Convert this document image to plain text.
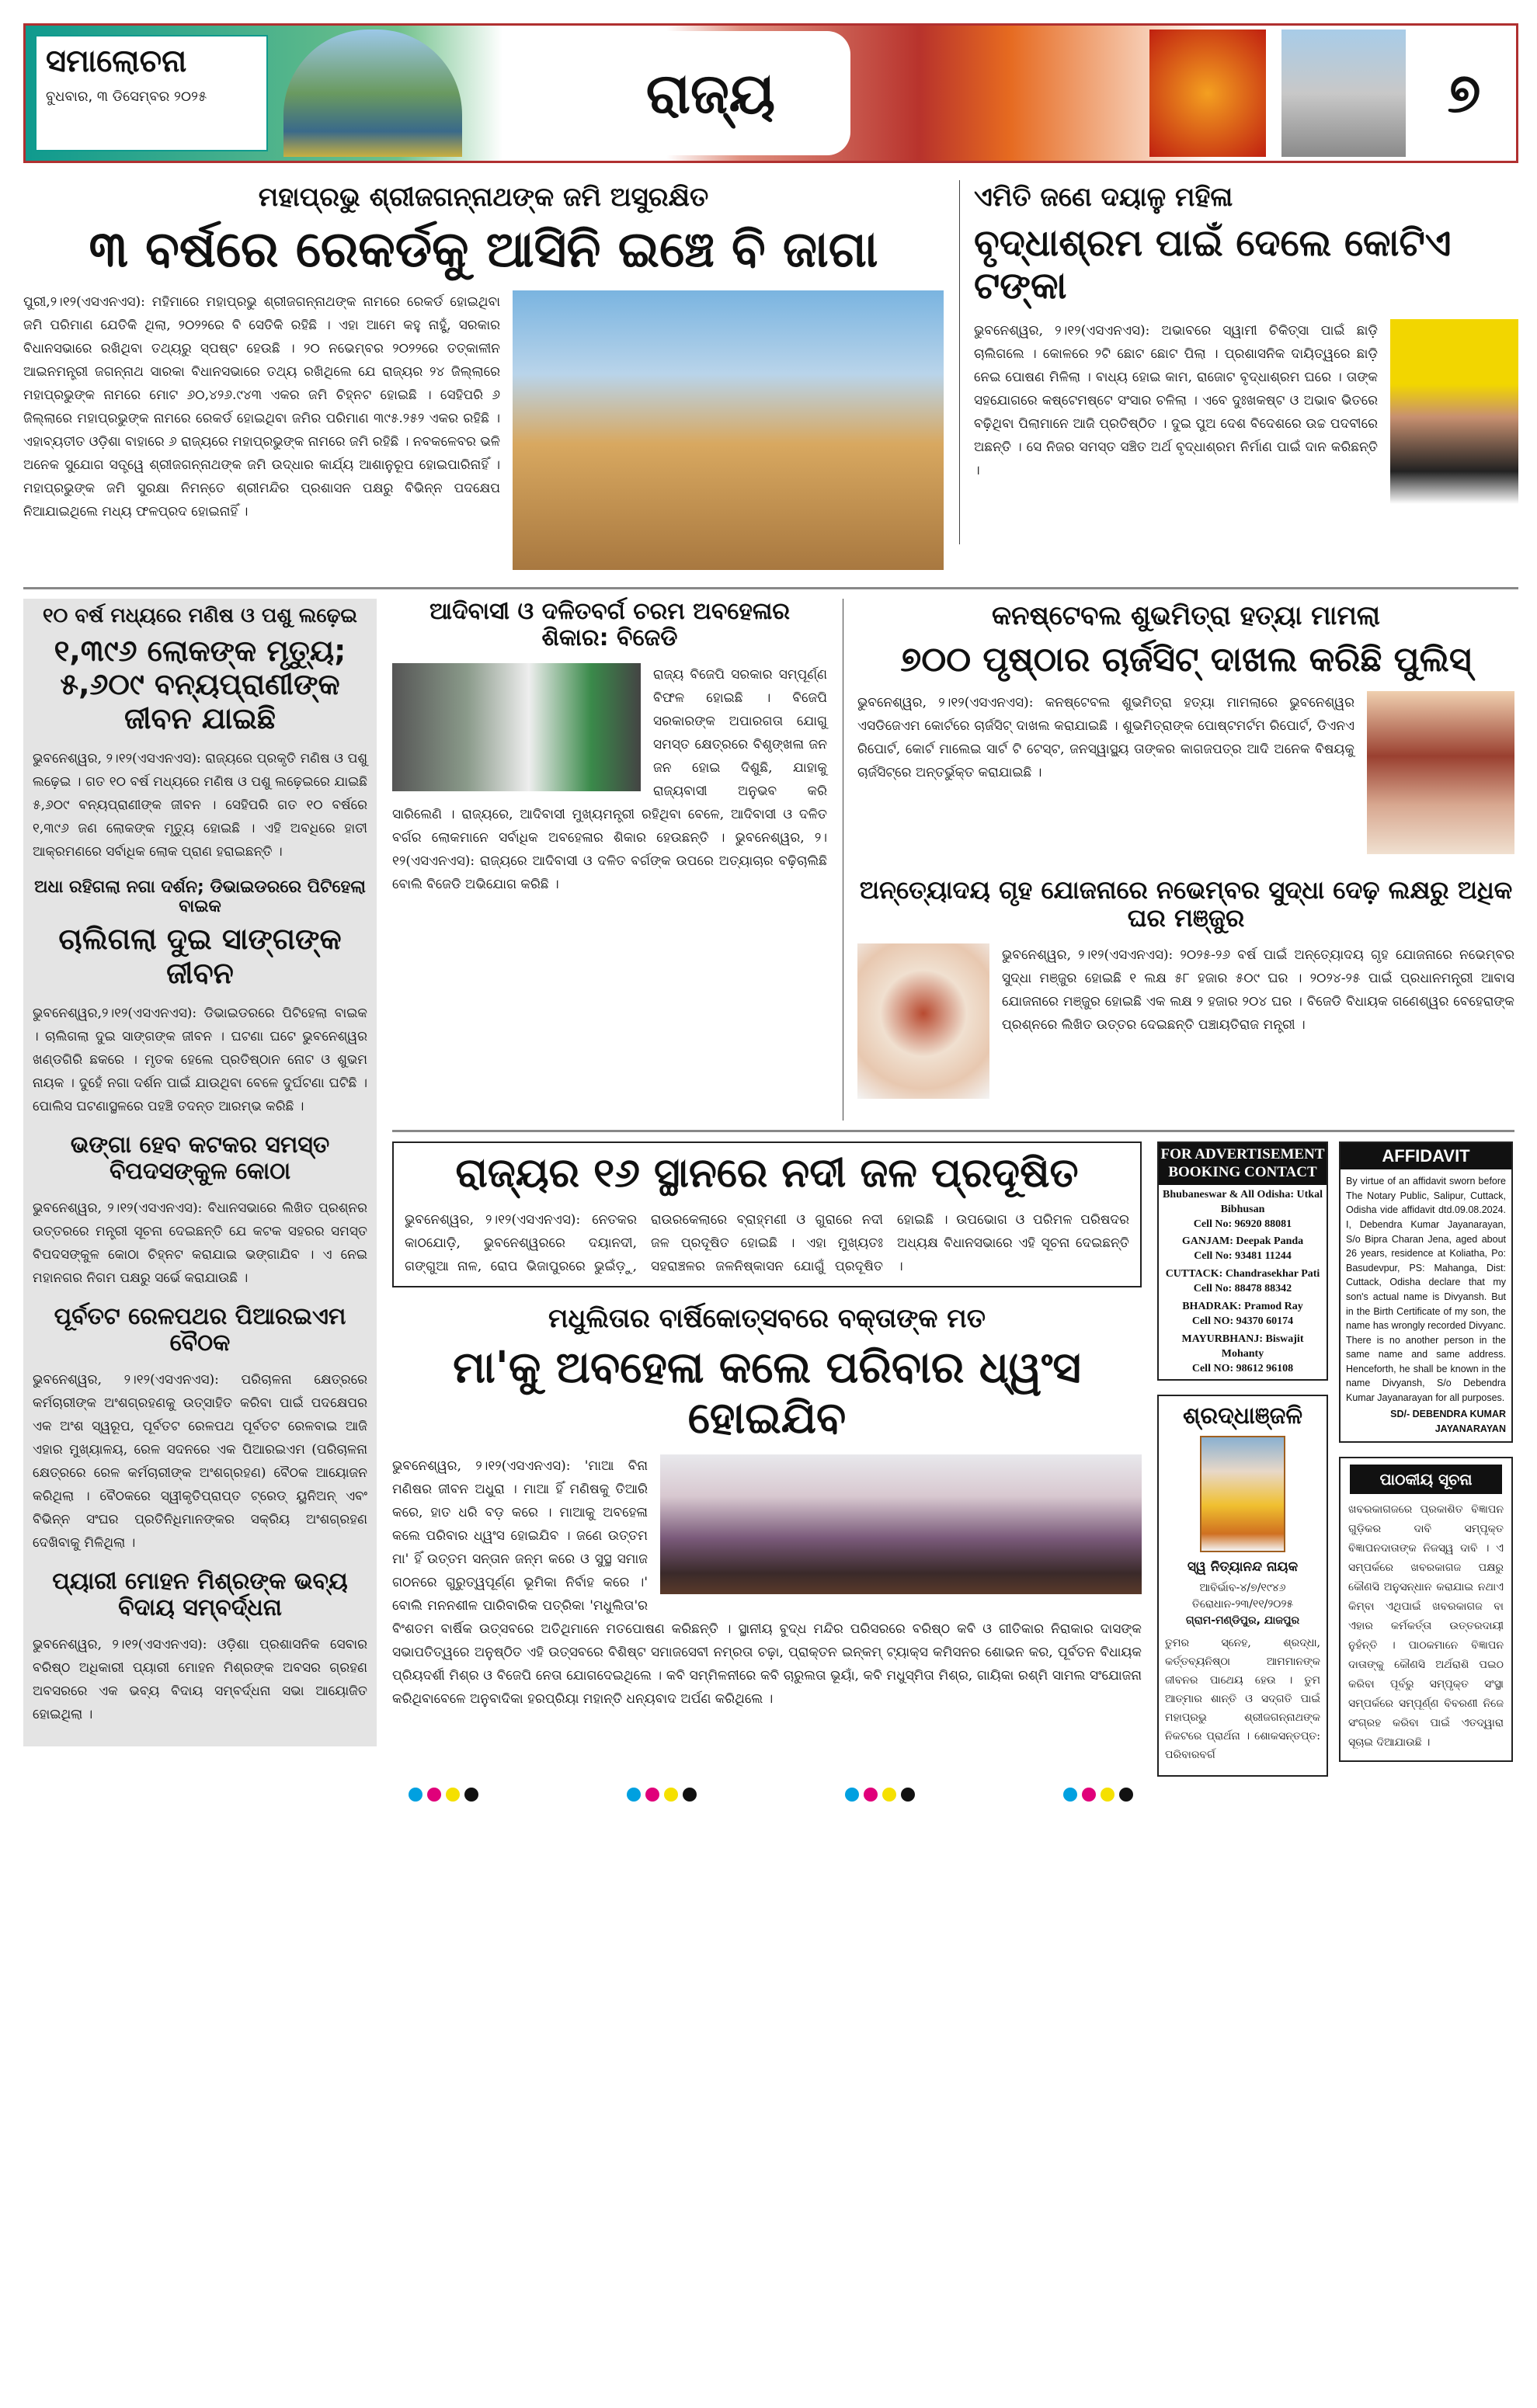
ସମାଲୋଚନା
ବୁଧବାର, ୩ ଡିସେମ୍ବର ୨୦୨୫	ରାଜ୍ୟ	୭
ମହାପ୍ରଭୁ ଶ୍ରୀଜଗନ୍ନାଥଙ୍କ ଜମି ଅସୁରକ୍ଷିତ
୩ ବର୍ଷରେ ରେକର୍ଡକୁ ଆସିନି ଇଞ୍ଚେ ବି ଜାଗା
ପୁରୀ,୨।୧୨(ଏସଏନଏସ): ମହିମାରେ ମହାପ୍ରଭୁ ଶ୍ରୀଜଗନ୍ନାଥଙ୍କ ନାମରେ ରେକର୍ଡ ହୋଇଥିବା ଜମି ପରିମାଣ ଯେତିକି ଥିଲା, ୨୦୨୨ରେ ବି ସେତିକି ରହିଛି । ଏହା ଆମେ କହୁ ନାହୁଁ, ସରକାର ବିଧାନସଭାରେ ରଖିଥିବା ତଥ୍ୟରୁ ସ୍ପଷ୍ଟ ହେଉଛି । ୨୦ ନଭେମ୍ବର ୨୦୨୨ରେ ତତ୍କାଳୀନ ଆଇନମନ୍ତ୍ରୀ ଜଗନ୍ନାଥ ସାରକା ବିଧାନସଭାରେ ତଥ୍ୟ ରଖିଥିଲେ ଯେ ରାଜ୍ୟର ୨୪ ଜିଲ୍ଲାରେ ମହାପ୍ରଭୁଙ୍କ ନାମରେ ମୋଟ ୬୦,୪୨୬.୯୪୩ ଏକର ଜମି ଚିହ୍ନଟ ହୋଇଛି । ସେହିପରି ୬ ଜିଲ୍ଲାରେ ମହାପ୍ରଭୁଙ୍କ ନାମରେ ରେକର୍ଡ ହୋଇଥିବା ଜମିର ପରିମାଣ ୩୯୫.୨୫୨ ଏକର ରହିଛି । ଏହାବ୍ୟତୀତ ଓଡ଼ିଶା ବାହାରେ ୬ ରାଜ୍ୟରେ ମହାପ୍ରଭୁଙ୍କ ନାମରେ ଜମି ରହିଛି । ନବକଳେବର ଭଳି ଅନେକ ସୁଯୋଗ ସତ୍ତ୍ୱେ ଶ୍ରୀଜଗନ୍ନାଥଙ୍କ ଜମି ଉଦ୍ଧାର କାର୍ଯ୍ୟ ଆଶାନୁରୂପ ହୋଇପାରିନାହିଁ । ମହାପ୍ରଭୁଙ୍କ ଜମି ସୁରକ୍ଷା ନିମନ୍ତେ ଶ୍ରୀମନ୍ଦିର ପ୍ରଶାସନ ପକ୍ଷରୁ ବିଭିନ୍ନ ପଦକ୍ଷେପ ନିଆଯାଇଥିଲେ ମଧ୍ୟ ଫଳପ୍ରଦ ହୋଇନାହିଁ ।
ଏମିତି ଜଣେ ଦୟାଳୁ ମହିଳା
ବୃଦ୍ଧାଶ୍ରମ ପାଇଁ ଦେଲେ କୋଟିଏ ଟଙ୍କା
ଭୁବନେଶ୍ୱର, ୨।୧୨(ଏସଏନଏସ): ଅଭାବରେ ସ୍ୱାମୀ ଚିକିତ୍ସା ପାଇଁ ଛାଡ଼ି ଚାଲିଗଲେ । କୋଳରେ ୨ଟି ଛୋଟ ଛୋଟ ପିଲା । ପ୍ରଶାସନିକ ଦାୟିତ୍ୱରେ ଛାଡ଼ି ନେଇ ପୋଷଣ ମିଳିଲା । ବାଧ୍ୟ ହୋଇ କାମ, ରାଜୋଟ ବୃଦ୍ଧାଶ୍ରମ ଘରେ । ତାଙ୍କ ସହଯୋଗରେ କଷ୍ଟେମଷ୍ଟେ ସଂସାର ଚଳିଲା । ଏବେ ଦୁଃଖକଷ୍ଟ ଓ ଅଭାବ ଭିତରେ ବଢ଼ିଥିବା ପିଲାମାନେ ଆଜି ପ୍ରତିଷ୍ଠିତ । ଦୁଇ ପୁଅ ଦେଶ ବିଦେଶରେ ଉଚ୍ଚ ପଦବୀରେ ଅଛନ୍ତି । ସେ ନିଜର ସମସ୍ତ ସଞ୍ଚିତ ଅର୍ଥ ବୃଦ୍ଧାଶ୍ରମ ନିର୍ମାଣ ପାଇଁ ଦାନ କରିଛନ୍ତି ।
୧୦ ବର୍ଷ ମଧ୍ୟରେ ମଣିଷ ଓ ପଶୁ ଲଢ଼େଇ
୧,୩୯୬ ଲୋକଙ୍କ ମୃତ୍ୟୁ; ୫,୬୦୯ ବନ୍ୟପ୍ରାଣୀଙ୍କ ଜୀବନ ଯାଇଛି
ଭୁବନେଶ୍ୱର, ୨।୧୨(ଏସଏନଏସ): ରାଜ୍ୟରେ ପ୍ରକୃତି ମଣିଷ ଓ ପଶୁ ଲଢ଼େଇ । ଗତ ୧୦ ବର୍ଷ ମଧ୍ୟରେ ମଣିଷ ଓ ପଶୁ ଲଢ଼େଇରେ ଯାଇଛି ୫,୬୦୯ ବନ୍ୟପ୍ରାଣୀଙ୍କ ଜୀବନ । ସେହିପରି ଗତ ୧୦ ବର୍ଷରେ ୧,୩୯୬ ଜଣ ଲୋକଙ୍କ ମୃତ୍ୟୁ ହୋଇଛି । ଏହି ଅବଧିରେ ହାତୀ ଆକ୍ରମଣରେ ସର୍ବାଧିକ ଲୋକ ପ୍ରାଣ ହରାଇଛନ୍ତି ।
ଅଧା ରହିଗଲା ନଗା ଦର୍ଶନ; ଡିଭାଇଡରରେ ପିଟିହେଲା ବାଇକ
ଚାଲିଗଲା ଦୁଇ ସାଙ୍ଗଙ୍କ ଜୀବନ
ଭୁବନେଶ୍ୱର,୨।୧୨(ଏସଏନଏସ): ଡିଭାଇଡରରେ ପିଟିହେଲା ବାଇକ । ଚାଲିଗଲା ଦୁଇ ସାଙ୍ଗଙ୍କ ଜୀବନ । ଘଟଣା ଘଟେ ଭୁବନେଶ୍ୱର ଖଣ୍ଡଗିରି ଛକରେ । ମୃତକ ହେଲେ ପ୍ରତିଷ୍ଠାନ ନୋଟ ଓ ଶୁଭମ ନାୟକ । ଦୁହେଁ ନଗା ଦର୍ଶନ ପାଇଁ ଯାଉଥିବା ବେଳେ ଦୁର୍ଘଟଣା ଘଟିଛି । ପୋଲିସ ଘଟଣାସ୍ଥଳରେ ପହଞ୍ଚି ତଦନ୍ତ ଆରମ୍ଭ କରିଛି ।
ଭଙ୍ଗା ହେବ କଟକର ସମସ୍ତ ବିପଦସଙ୍କୁଳ କୋଠା
ଭୁବନେଶ୍ୱର, ୨।୧୨(ଏସଏନଏସ): ବିଧାନସଭାରେ ଲିଖିତ ପ୍ରଶ୍ନର ଉତ୍ତରରେ ମନ୍ତ୍ରୀ ସୂଚନା ଦେଇଛନ୍ତି ଯେ କଟକ ସହରର ସମସ୍ତ ବିପଦସଙ୍କୁଳ କୋଠା ଚିହ୍ନଟ କରାଯାଇ ଭଙ୍ଗାଯିବ । ଏ ନେଇ ମହାନଗର ନିଗମ ପକ୍ଷରୁ ସର୍ଭେ କରାଯାଉଛି ।
ପୂର୍ବତଟ ରେଳପଥର ପିଆରଇଏମ ବୈଠକ
ଭୁବନେଶ୍ୱର, ୨।୧୨(ଏସଏନଏସ): ପରିଚାଳନା କ୍ଷେତ୍ରରେ କର୍ମଚାରୀଙ୍କ ଅଂଶଗ୍ରହଣକୁ ଉତ୍ସାହିତ କରିବା ପାଇଁ ପଦକ୍ଷେପର ଏକ ଅଂଶ ସ୍ୱରୂପ, ପୂର୍ବତଟ ରେଳପଥ ପୂର୍ବତଟ ରେଳବାଇ ଆଜି ଏହାର ମୁଖ୍ୟାଳୟ, ରେଳ ସଦନରେ ଏକ ପିଆରଇଏମ (ପରିଚାଳନା କ୍ଷେତ୍ରରେ ରେଳ କର୍ମଚାରୀଙ୍କ ଅଂଶଗ୍ରହଣ) ବୈଠକ ଆୟୋଜନ କରିଥିଲା । ବୈଠକରେ ସ୍ୱୀକୃତିପ୍ରାପ୍ତ ଟ୍ରେଡ୍ ୟୁନିଅନ୍ ଏବଂ ବିଭିନ୍ନ ସଂଘର ପ୍ରତିନିଧିମାନଙ୍କର ସକ୍ରିୟ ଅଂଶଗ୍ରହଣ ଦେଖିବାକୁ ମିଳିଥିଲା ।
ପ୍ୟାରୀ ମୋହନ ମିଶ୍ରଙ୍କ ଭବ୍ୟ ବିଦାୟ ସମ୍ବର୍ଦ୍ଧନା
ଭୁବନେଶ୍ୱର, ୨।୧୨(ଏସଏନଏସ): ଓଡ଼ିଶା ପ୍ରଶାସନିକ ସେବାର ବରିଷ୍ଠ ଅଧିକାରୀ ପ୍ୟାରୀ ମୋହନ ମିଶ୍ରଙ୍କ ଅବସର ଗ୍ରହଣ ଅବସରରେ ଏକ ଭବ୍ୟ ବିଦାୟ ସମ୍ବର୍ଦ୍ଧନା ସଭା ଆୟୋଜିତ ହୋଇଥିଲା ।
ଆଦିବାସୀ ଓ ଦଳିତବର୍ଗ ଚରମ ଅବହେଳାର ଶିକାର: ବିଜେଡି
ରାଜ୍ୟ ବିଜେପି ସରକାର ସମ୍ପୂର୍ଣ୍ଣ ବିଫଳ ହୋଇଛି । ବିଜେପି ସରକାରଙ୍କ ଅପାରଗତା ଯୋଗୁ ସମସ୍ତ କ୍ଷେତ୍ରରେ ବିଶୃଙ୍ଖଳା ଜନ ଜନ ହୋଇ ଦିଶୁଛି, ଯାହାକୁ ରାଜ୍ୟବାସୀ ଅନୁଭବ କରି ସାରିଲେଣି । ରାଜ୍ୟରେ, ଆଦିବାସୀ ମୁଖ୍ୟମନ୍ତ୍ରୀ ରହିଥିବା ବେଳେ, ଆଦିବାସୀ ଓ ଦଳିତ ବର୍ଗର ଲୋକମାନେ ସର୍ବାଧିକ ଅବହେଳାର ଶିକାର ହେଉଛନ୍ତି । ଭୁବନେଶ୍ୱର, ୨।୧୨(ଏସଏନଏସ): ରାଜ୍ୟରେ ଆଦିବାସୀ ଓ ଦଳିତ ବର୍ଗଙ୍କ ଉପରେ ଅତ୍ୟାଚାର ବଢ଼ିଚାଲିଛି ବୋଲି ବିଜେଡି ଅଭିଯୋଗ କରିଛି ।
କନଷ୍ଟେବଲ ଶୁଭମିତ୍ରା ହତ୍ୟା ମାମଲା
୭୦୦ ପୃଷ୍ଠାର ଚାର୍ଜସିଟ୍ ଦାଖଲ କରିଛି ପୁଲିସ୍
ଭୁବନେଶ୍ୱର, ୨।୧୨(ଏସଏନଏସ): କନଷ୍ଟେବଲ ଶୁଭମିତ୍ରା ହତ୍ୟା ମାମଲାରେ ଭୁବନେଶ୍ୱର ଏସଡିଜେଏମ କୋର୍ଟରେ ଚାର୍ଜସିଟ୍ ଦାଖଲ କରାଯାଇଛି । ଶୁଭମିତ୍ରାଙ୍କ ପୋଷ୍ଟମର୍ଟମ ରିପୋର୍ଟ, ଡିଏନଏ ରିପୋର୍ଟ, କୋର୍ଟ ମାଲେଇ ସାର୍ଟ ଟି ଟେସ୍ଟ, ଜନସ୍ୱାସ୍ଥ୍ୟ ତାଙ୍କର କାଗଜପତ୍ର ଆଦି ଅନେକ ବିଷୟକୁ ଚାର୍ଜସିଟ୍ରେ ଅନ୍ତର୍ଭୁକ୍ତ କରାଯାଇଛି ।
ଅନ୍ତ୍ୟୋଦୟ ଗୃହ ଯୋଜନାରେ ନଭେମ୍ବର ସୁଦ୍ଧା ଦେଢ଼ ଲକ୍ଷରୁ ଅଧିକ ଘର ମଞ୍ଜୁର
ଭୁବନେଶ୍ୱର, ୨।୧୨(ଏସଏନଏସ): ୨୦୨୫-୨୬ ବର୍ଷ ପାଇଁ ଅନ୍ତ୍ୟୋଦୟ ଗୃହ ଯୋଜନାରେ ନଭେମ୍ବର ସୁଦ୍ଧା ମଞ୍ଜୁର ହୋଇଛି ୧ ଲକ୍ଷ ୫୮ ହଜାର ୫୦୯ ଘର । ୨୦୨୪-୨୫ ପାଇଁ ପ୍ରଧାନମନ୍ତ୍ରୀ ଆବାସ ଯୋଜନାରେ ମଞ୍ଜୁର ହୋଇଛି ଏକ ଲକ୍ଷ ୨ ହଜାର ୨୦୪ ଘର । ବିଜେଡି ବିଧାୟକ ଗଣେଶ୍ୱର ବେହେରାଙ୍କ ପ୍ରଶ୍ନରେ ଲିଖିତ ଉତ୍ତର ଦେଇଛନ୍ତି ପଞ୍ଚାୟତିରାଜ ମନ୍ତ୍ରୀ ।
ରାଜ୍ୟର ୧୬ ସ୍ଥାନରେ ନଦୀ ଜଳ ପ୍ରଦୂଷିତ
ଭୁବନେଶ୍ୱର, ୨।୧୨(ଏସଏନଏସ): ନେତକର କାଠଯୋଡ଼ି, ଭୁବନେଶ୍ୱରରେ ଦୟାନଦୀ, ଗଙ୍ଗୁଆ ନାଳ, ରୋପ ଭିଜାପୁରରେ ଭୁଇଁଡ଼ୁ, ରାଉରକେଲାରେ ବ୍ରାହ୍ମଣୀ ଓ ଗୁରାରେ ନଦୀ ଜଳ ପ୍ରଦୂଷିତ ହୋଇଛି । ଏହା ମୁଖ୍ୟତଃ ସହରାଞ୍ଚଳର ଜଳନିଷ୍କାସନ ଯୋଗୁଁ ପ୍ରଦୂଷିତ ହୋଇଛି । ଉପଭୋଗ ଓ ପରିମଳ ପରିଷଦର ଅଧ୍ୟକ୍ଷ ବିଧାନସଭାରେ ଏହି ସୂଚନା ଦେଇଛନ୍ତି ।
ମଧୁଲିତାର ବାର୍ଷିକୋତ୍ସବରେ ବକ୍ତାଙ୍କ ମତ
ମା'କୁ ଅବହେଳା କଲେ ପରିବାର ଧ୍ୱଂସ ହୋଇଯିବ
ଭୁବନେଶ୍ୱର, ୨।୧୨(ଏସଏନଏସ): 'ମାଆ ବିନା ମଣିଷର ଜୀବନ ଅଧୁରା । ମାଆ ହିଁ ମଣିଷକୁ ତିଆରି କରେ, ହାତ ଧରି ବଡ଼ କରେ । ମାଆକୁ ଅବହେଳା କଲେ ପରିବାର ଧ୍ୱଂସ ହୋଇଯିବ । ଜଣେ ଉତ୍ତମ ମା' ହିଁ ଉତ୍ତମ ସନ୍ତାନ ଜନ୍ମ କରେ ଓ ସୁସ୍ଥ ସମାଜ ଗଠନରେ ଗୁରୁତ୍ୱପୂର୍ଣ୍ଣ ଭୂମିକା ନିର୍ବାହ କରେ ।' ବୋଲି ମନନଶୀଳ ପାରିବାରିକ ପତ୍ରିକା 'ମଧୁଲିତା'ର ବିଂଶତମ ବାର୍ଷିକ ଉତ୍ସବରେ ଅତିଥିମାନେ ମତପୋଷଣ କରିଛନ୍ତି । ସ୍ଥାନୀୟ ବୁଦ୍ଧ ମନ୍ଦିର ପରିସରରେ ବରିଷ୍ଠ କବି ଓ ଗୀତିକାର ନିରାକାର ଦାସଙ୍କ ସଭାପତିତ୍ୱରେ ଅନୁଷ୍ଠିତ ଏହି ଉତ୍ସବରେ ବିଶିଷ୍ଟ ସମାଜସେବୀ ନମ୍ରତା ଚଢ଼ା, ପ୍ରାକ୍ତନ ଇନ୍‌କମ୍ ଟ୍ୟାକ୍ସ କମିସନର ଶୋଭନ କର, ପୂର୍ବତନ ବିଧାୟକ ପ୍ରିୟଦର୍ଶୀ ମିଶ୍ର ଓ ବିଜେପି ନେତା ଯୋଗଦେଇଥିଲେ । କବି ସମ୍ମିଳନୀରେ କବି ଚାରୁଲତା ଭୂୟାଁ, କବି ମଧୁସ୍ମିତା ମିଶ୍ର, ଗାୟିକା ରଶ୍ମି ସାମଲ ସଂଯୋଜନା କରିଥିବାବେଳେ ଅନୁବାଦିକା ହରପ୍ରିୟା ମହାନ୍ତି ଧନ୍ୟବାଦ ଅର୍ପଣ କରିଥିଲେ ।
FOR ADVERTISEMENT
BOOKING CONTACT
Bhubaneswar & All Odisha: Utkal Bibhusan
Cell No: 96920 88081
GANJAM: Deepak Panda
Cell No: 93481 11244
CUTTACK: Chandrasekhar Pati
Cell No: 88478 88342
BHADRAK: Pramod Ray
Cell NO: 94370 60174
MAYURBHANJ: Biswajit Mohanty
Cell NO: 98612 96108
ଶ୍ରଦ୍ଧାଞ୍ଜଳି
ସ୍ୱ ନିତ୍ୟାନନ୍ଦ ନାୟକ
ଆବିର୍ଭାବ-୪/୭/୧୯୪୬
ତିରୋଧାନ-୨୩/୧୧/୨୦୨୫
ଗ୍ରାମ-ମଣ୍ଡିପୁର, ଯାଜପୁର
ତୁମର ସ୍ନେହ, ଶ୍ରଦ୍ଧା, କର୍ତ୍ତବ୍ୟନିଷ୍ଠା ଆମମାନଙ୍କ ଜୀବନର ପାଥେୟ ହେଉ । ତୁମ ଆତ୍ମାର ଶାନ୍ତି ଓ ସଦ୍‌ଗତି ପାଇଁ ମହାପ୍ରଭୁ ଶ୍ରୀଜଗନ୍ନାଥଙ୍କ ନିକଟରେ ପ୍ରାର୍ଥନା । ଶୋକସନ୍ତପ୍ତ: ପରିବାରବର୍ଗ
AFFIDAVIT
By virtue of an affidavit sworn before The Notary Public, Salipur, Cuttack, Odisha vide affidavit dtd.09.08.2024. I, Debendra Kumar Jayanarayan, S/o Bipra Charan Jena, aged about 26 years, residence at Koliatha, Po: Basudevpur, PS: Mahanga, Dist: Cuttack, Odisha declare that my son's actual name is Divyansh. But in the Birth Certificate of my son, the name has wrongly recorded Divyanc. There is no another person in the same name and same address. Henceforth, he shall be known in the name Divyansh, S/o Debendra Kumar Jayanarayan for all purposes.
SD/- DEBENDRA KUMAR
JAYANARAYAN
ପାଠକୀୟ ସୂଚନା
ଖବରକାଗଜରେ ପ୍ରକାଶିତ ବିଜ୍ଞାପନ ଗୁଡ଼ିକର ଦାବି ସମ୍ପୃକ୍ତ ବିଜ୍ଞାପନଦାତାଙ୍କ ନିଜସ୍ୱ ଦାବି । ଏ ସମ୍ପର୍କରେ ଖବରକାଗଜ ପକ୍ଷରୁ କୌଣସି ଅନୁସନ୍ଧାନ କରାଯାଇ ନଥାଏ କିମ୍ବା ଏଥିପାଇଁ ଖବରକାଗଜ ବା ଏହାର କର୍ମକର୍ତ୍ତା ଉତ୍ତରଦାୟୀ ନୁହଁନ୍ତି । ପାଠକମାନେ ବିଜ୍ଞାପନ ଦାତାଙ୍କୁ କୌଣସି ଅର୍ଥରାଶି ପଇଠ କରିବା ପୂର୍ବରୁ ସମ୍ପୃକ୍ତ ସଂସ୍ଥା ସମ୍ପର୍କରେ ସମ୍ପୂର୍ଣ୍ଣ ବିବରଣୀ ନିଜେ ସଂଗ୍ରହ କରିବା ପାଇଁ ଏତଦ୍ୱାରା ସୂଚାଇ ଦିଆଯାଉଛି ।
